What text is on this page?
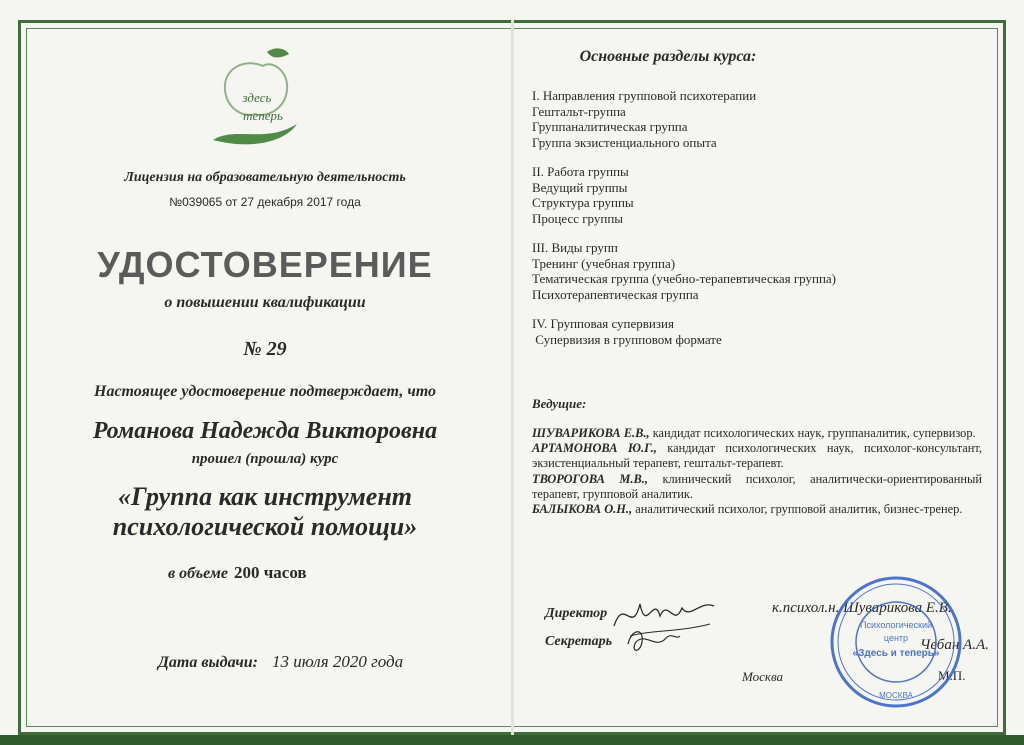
здесь
теперь
Лицензия на образовательную деятельность
№039065 от 27 декабря 2017 года
УДОСТОВЕРЕНИЕ
о повышении квалификации
№ 29
Настоящее удостоверение подтверждает, что
Романова Надежда Викторовна
прошел (прошла) курс
«Группа как инструмент
психологической помощи»
в объеме 200 часов
Дата выдачи: 13 июля 2020 года
Основные разделы курса:
I. Направления групповой психотерапии
Гештальт-группа
Группаналитическая группа
Группа экзистенциального опыта
II. Работа группы
Ведущий группы
Структура группы
Процесс группы
III. Виды групп
Тренинг (учебная группа)
Тематическая группа (учебно-терапевтическая группа)
Психотерапевтическая группа
IV. Групповая супервизия
Супервизия в групповом формате
Ведущие:

ШУВАРИКОВА Е.В., кандидат психологических наук, группаналитик, супервизор.

АРТАМОНОВА Ю.Г., кандидат психологических наук, психолог-консультант, экзистенциальный терапевт, гештальт-терапевт.

ТВОРОГОВА М.В., клинический психолог, аналитически-ориентированный терапевт, групповой аналитик.

БАЛЫКОВА О.Н., аналитический психолог, групповой аналитик, бизнес-тренер.

Директор	к.психол.н. Шуварикова Е.В.
Секретарь	Чебан А.А.
Москва	М.П.
Психологический
центр
«Здесь и теперь»
МОСКВА
